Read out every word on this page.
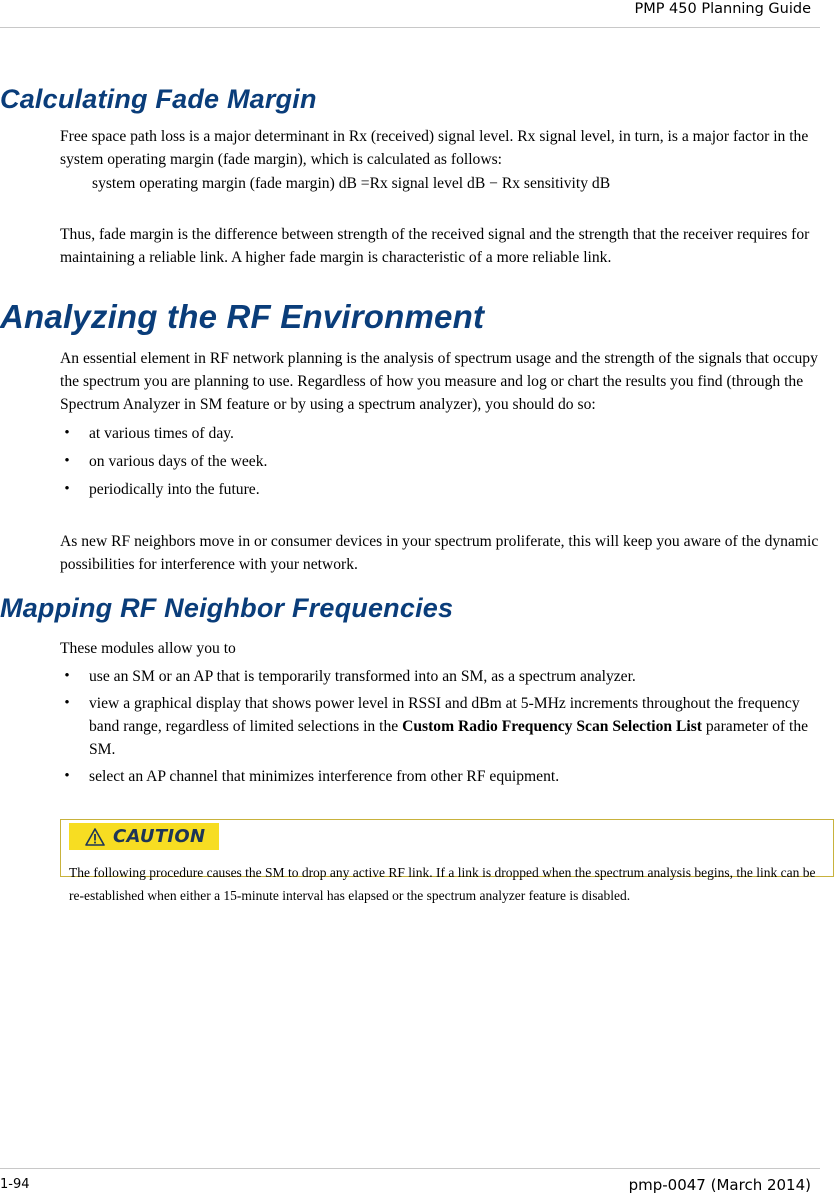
PMP 450 Planning Guide
Calculating Fade Margin

Free space path loss is a major determinant in Rx (received) signal level. Rx signal level, in turn, is a major factor in the system operating margin (fade margin), which is calculated as follows:

system operating margin (fade margin) dB =Rx signal level dB − Rx sensitivity dB

Thus, fade margin is the difference between strength of the received signal and the strength that the receiver requires for maintaining a reliable link. A higher fade margin is characteristic of a more reliable link.

Analyzing the RF Environment

An essential element in RF network planning is the analysis of spectrum usage and the strength of the signals that occupy the spectrum you are planning to use. Regardless of how you measure and log or chart the results you find (through the Spectrum Analyzer in SM feature or by using a spectrum analyzer), you should do so:

• at various times of day.
• on various days of the week.
• periodically into the future.

As new RF neighbors move in or consumer devices in your spectrum proliferate, this will keep you aware of the dynamic possibilities for interference with your network.

Mapping RF Neighbor Frequencies

These modules allow you to

• use an SM or an AP that is temporarily transformed into an SM, as a spectrum analyzer.
• view a graphical display that shows power level in RSSI and dBm at 5-MHz increments throughout the frequency band range, regardless of limited selections in the Custom Radio Frequency Scan Selection List parameter of the SM.
• select an AP channel that minimizes interference from other RF equipment.
CAUTION
The following procedure causes the SM to drop any active RF link. If a link is dropped when the spectrum analysis begins, the link can be re-established when either a 15-minute interval has elapsed or the spectrum analyzer feature is disabled.
1-94	pmp-0047 (March 2014)
